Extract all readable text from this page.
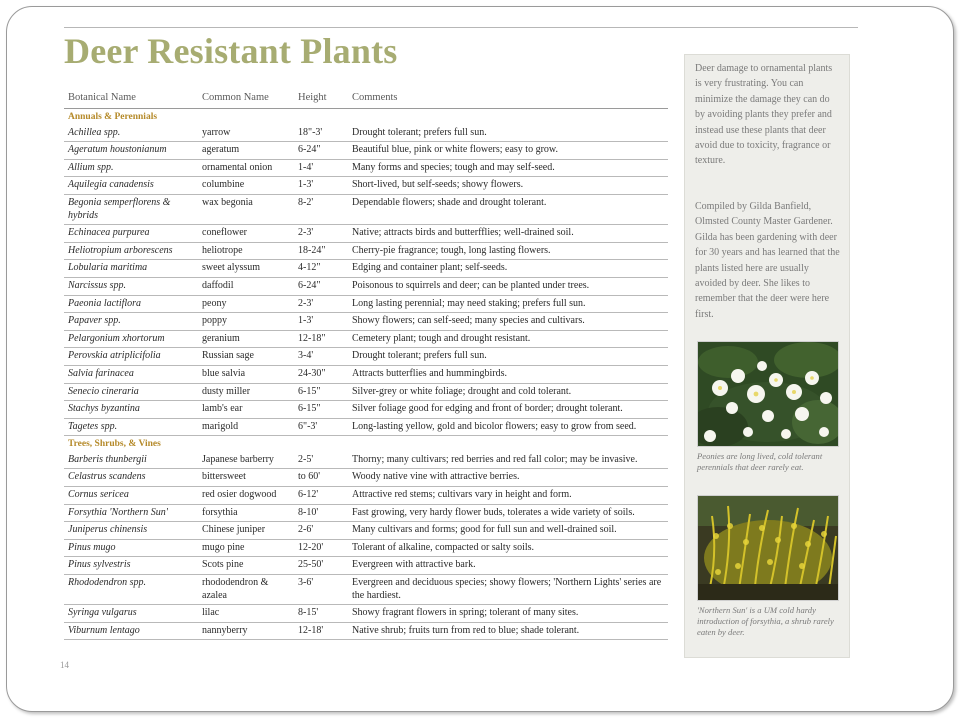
Deer Resistant Plants
Botanical Name	Common Name	Height	Comments
Annuals & Perennials			
Achillea spp.	yarrow	18"-3'	Drought tolerant; prefers full sun.
Ageratum houstonianum	ageratum	6-24"	Beautiful blue, pink or white flowers; easy to grow.
Allium spp.	ornamental onion	1-4'	Many forms and species; tough and may self-seed.
Aquilegia canadensis	columbine	1-3'	Short-lived, but self-seeds; showy flowers.
Begonia semperflorens & hybrids	wax begonia	8-2'	Dependable flowers; shade and drought tolerant.
Echinacea purpurea	coneflower	2-3'	Native; attracts birds and butterfflies; well-drained soil.
Heliotropium arborescens	heliotrope	18-24"	Cherry-pie fragrance; tough, long lasting flowers.
Lobularia maritima	sweet alyssum	4-12"	Edging and container plant; self-seeds.
Narcissus spp.	daffodil	6-24"	Poisonous to squirrels and deer; can be planted under trees.
Paeonia lactiflora	peony	2-3'	Long lasting perennial; may need staking; prefers full sun.
Papaver spp.	poppy	1-3'	Showy flowers; can self-seed; many species and cultivars.
Pelargonium xhortorum	geranium	12-18"	Cemetery plant; tough and drought resistant.
Perovskia atriplicifolia	Russian sage	3-4'	Drought tolerant; prefers full sun.
Salvia farinacea	blue salvia	24-30"	Attracts butterflies and hummingbirds.
Senecio cineraria	dusty miller	6-15"	Silver-grey or white foliage; drought and cold tolerant.
Stachys byzantina	lamb's ear	6-15"	Silver foliage good for edging and front of border; drought tolerant.
Tagetes spp.	marigold	6"-3'	Long-lasting yellow, gold and bicolor flowers; easy to grow from seed.
Trees, Shrubs, & Vines			
Barberis thunbergii	Japanese barberry	2-5'	Thorny; many cultivars; red berries and red fall color; may be invasive.
Celastrus scandens	bittersweet	to 60'	Woody native vine with attractive berries.
Cornus sericea	red osier dogwood	6-12'	Attractive red stems; cultivars vary in height and form.
Forsythia 'Northern Sun'	forsythia	8-10'	Fast growing, very hardy flower buds, tolerates a wide variety of soils.
Juniperus chinensis	Chinese juniper	2-6'	Many cultivars and forms; good for full sun and well-drained soil.
Pinus mugo	mugo pine	12-20'	Tolerant of alkaline, compacted or salty soils.
Pinus sylvestris	Scots pine	25-50'	Evergreen with attractive bark.
Rhododendron spp.	rhododendron & azalea	3-6'	Evergreen and deciduous species; showy flowers; 'Northern Lights' series are the hardiest.
Syringa vulgarus	lilac	8-15'	Showy fragrant flowers in spring; tolerant of many sites.
Viburnum lentago	nannyberry	12-18'	Native shrub; fruits turn from red to blue; shade tolerant.

Deer damage to ornamental plants is very frustrating. You can minimize the damage they can do by avoiding plants they prefer and instead use these plants that deer avoid due to toxicity, fragrance or texture.

Compiled by Gilda Banfield, Olmsted County Master Gardener. Gilda has been gardening with deer for 30 years and has learned that the plants listed here are usually avoided by deer. She likes to remember that the deer were here first.

Peonies are long lived, cold tolerant perennials that deer rarely eat.

'Northern Sun' is a UM cold hardy introduction of forsythia, a shrub rarely eaten by deer.

14
